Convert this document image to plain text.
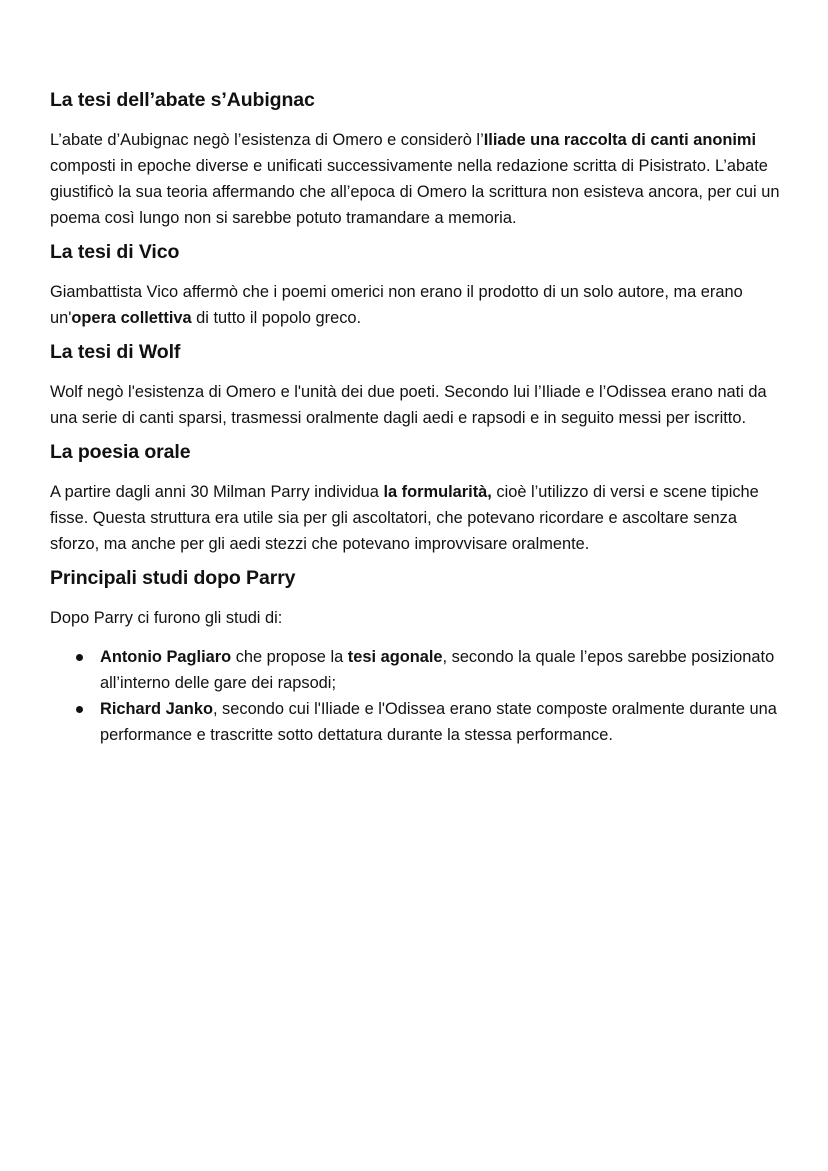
La tesi dell’abate s’Aubignac

L’abate d’Aubignac negò l’esistenza di Omero e considerò l’Iliade una raccolta di canti anonimi composti in epoche diverse e unificati successivamente nella redazione scritta di Pisistrato. L’abate giustificò la sua teoria affermando che all’epoca di Omero la scrittura non esisteva ancora, per cui un poema così lungo non si sarebbe potuto tramandare a memoria.

La tesi di Vico

Giambattista Vico affermò che i poemi omerici non erano il prodotto di un solo autore, ma erano un'opera collettiva di tutto il popolo greco.

La tesi di Wolf

Wolf negò l'esistenza di Omero e l'unità dei due poeti. Secondo lui l’Iliade e l’Odissea erano nati da una serie di canti sparsi, trasmessi oralmente dagli aedi e rapsodi e in seguito messi per iscritto.

La poesia orale

A partire dagli anni 30 Milman Parry individua la formularità, cioè l’utilizzo di versi e scene tipiche fisse. Questa struttura era utile sia per gli ascoltatori, che potevano ricordare e ascoltare senza sforzo, ma anche per gli aedi stezzi che potevano improvvisare oralmente.

Principali studi dopo Parry

Dopo Parry ci furono gli studi di:

Antonio Pagliaro che propose la tesi agonale, secondo la quale l’epos sarebbe posizionato all’interno delle gare dei rapsodi;
Richard Janko, secondo cui l'Iliade e l'Odissea erano state composte oralmente durante una performance e trascritte sotto dettatura durante la stessa performance.
